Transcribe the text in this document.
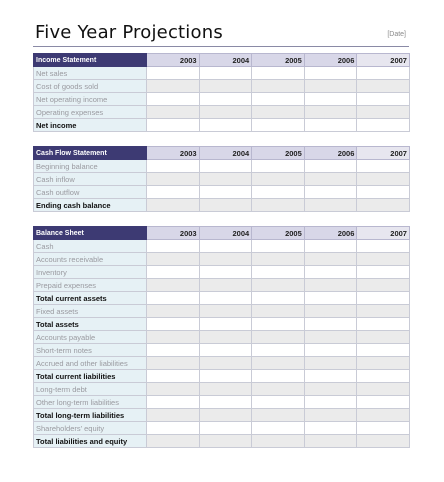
Five Year Projections	[Date]
Income Statement	2003	2004	2005	2006	2007
Net sales					
Cost of goods sold					
Net operating income					
Operating expenses					
Net income					
Cash Flow Statement	2003	2004	2005	2006	2007
Beginning balance					
Cash inflow					
Cash outflow					
Ending cash balance					
Balance Sheet	2003	2004	2005	2006	2007
Cash					
Accounts receivable					
Inventory					
Prepaid expenses					
Total current assets					
Fixed assets					
Total assets					
Accounts payable					
Short-term notes					
Accrued and other liabilities					
Total current liabilities					
Long-term debt					
Other long-term liabilities					
Total long-term liabilities					
Shareholders' equity					
Total liabilities and equity					
